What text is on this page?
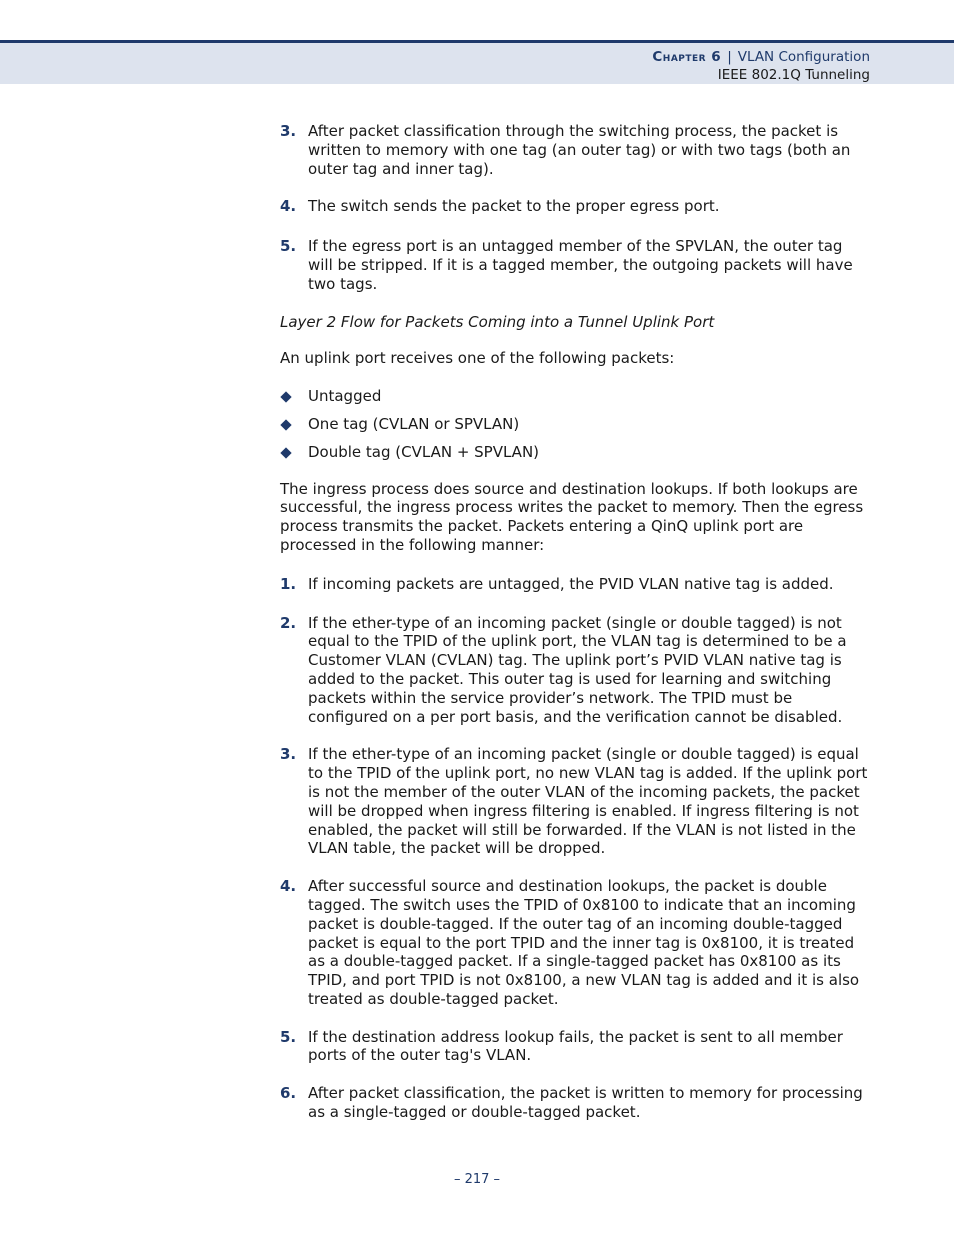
Chapter 6 | VLAN Configuration
IEEE 802.1Q Tunneling
3. After packet classification through the switching process, the packet is written to memory with one tag (an outer tag) or with two tags (both an outer tag and inner tag).
4. The switch sends the packet to the proper egress port.
5. If the egress port is an untagged member of the SPVLAN, the outer tag will be stripped. If it is a tagged member, the outgoing packets will have two tags.
Layer 2 Flow for Packets Coming into a Tunnel Uplink Port
An uplink port receives one of the following packets:
Untagged
One tag (CVLAN or SPVLAN)
Double tag (CVLAN + SPVLAN)
The ingress process does source and destination lookups. If both lookups are successful, the ingress process writes the packet to memory. Then the egress process transmits the packet. Packets entering a QinQ uplink port are processed in the following manner:
1. If incoming packets are untagged, the PVID VLAN native tag is added.
2. If the ether-type of an incoming packet (single or double tagged) is not equal to the TPID of the uplink port, the VLAN tag is determined to be a Customer VLAN (CVLAN) tag. The uplink port’s PVID VLAN native tag is added to the packet. This outer tag is used for learning and switching packets within the service provider’s network. The TPID must be configured on a per port basis, and the verification cannot be disabled.
3. If the ether-type of an incoming packet (single or double tagged) is equal to the TPID of the uplink port, no new VLAN tag is added. If the uplink port is not the member of the outer VLAN of the incoming packets, the packet will be dropped when ingress filtering is enabled. If ingress filtering is not enabled, the packet will still be forwarded. If the VLAN is not listed in the VLAN table, the packet will be dropped.
4. After successful source and destination lookups, the packet is double tagged. The switch uses the TPID of 0x8100 to indicate that an incoming packet is double-tagged. If the outer tag of an incoming double-tagged packet is equal to the port TPID and the inner tag is 0x8100, it is treated as a double-tagged packet. If a single-tagged packet has 0x8100 as its TPID, and port TPID is not 0x8100, a new VLAN tag is added and it is also treated as double-tagged packet.
5. If the destination address lookup fails, the packet is sent to all member ports of the outer tag's VLAN.
6. After packet classification, the packet is written to memory for processing as a single-tagged or double-tagged packet.
– 217 –
